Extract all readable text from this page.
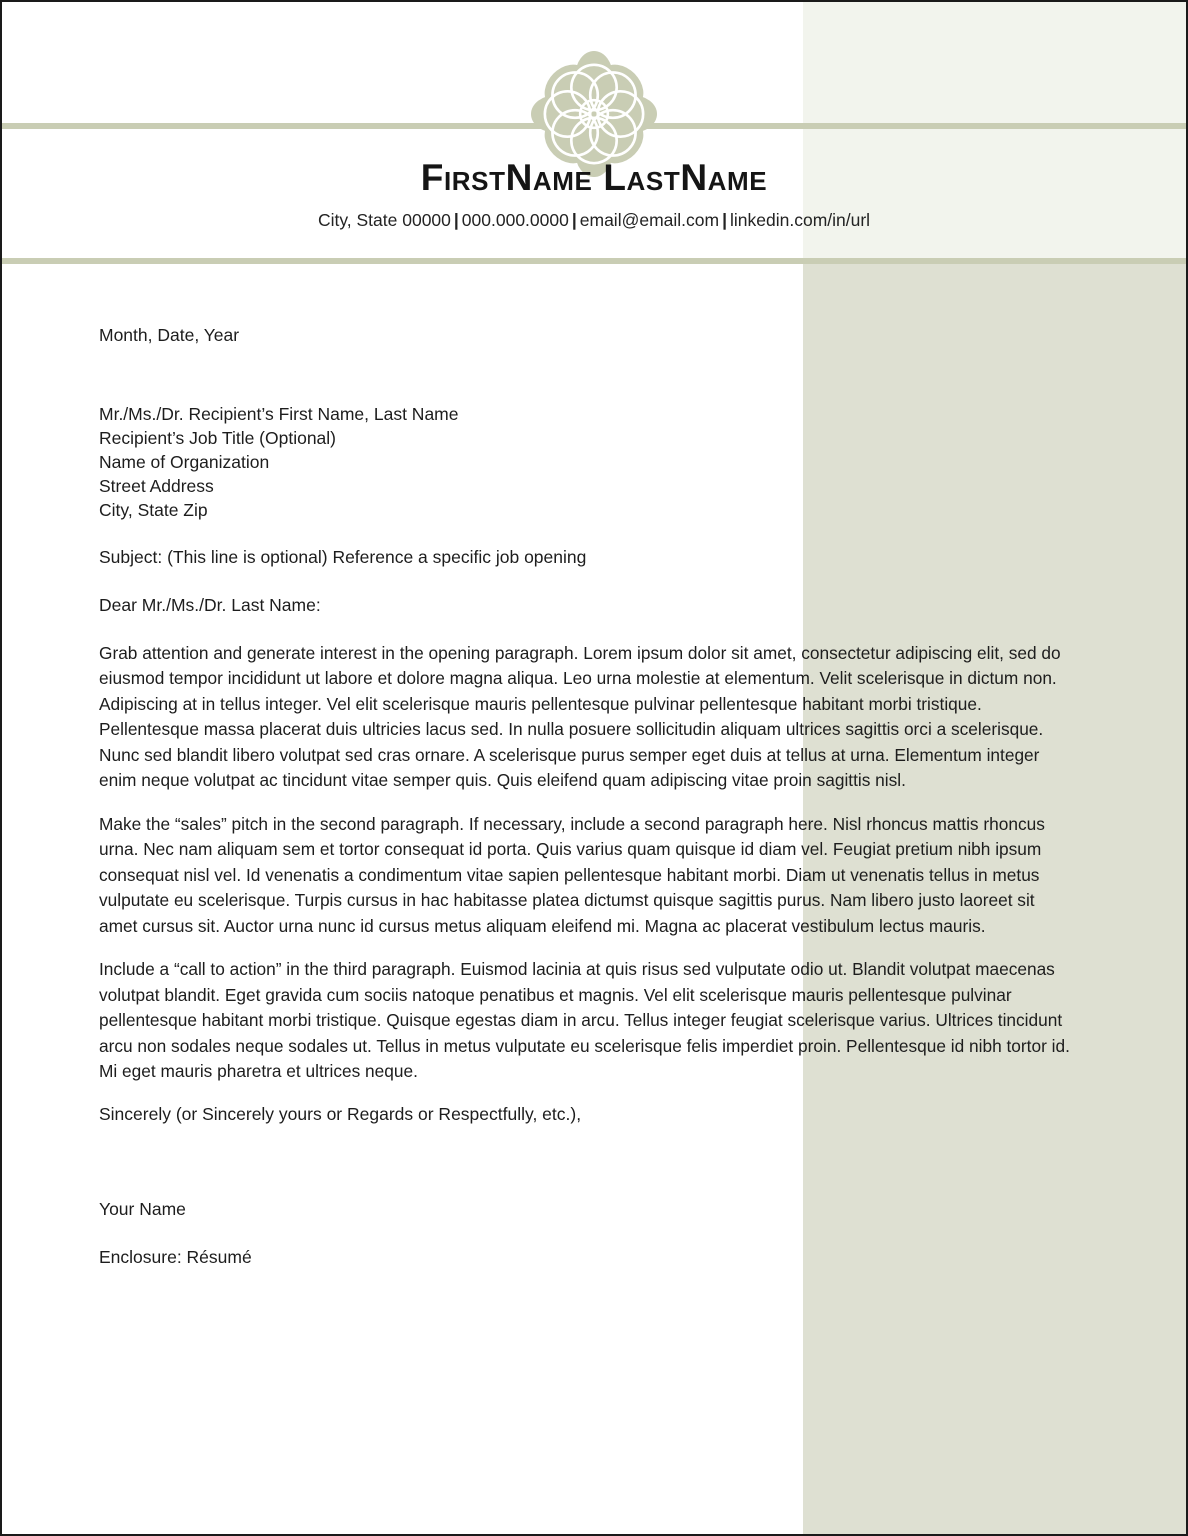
FirstName LastName
City, State 00000 | 000.000.0000 | email@email.com | linkedin.com/in/url
Month, Date, Year
Mr./Ms./Dr. Recipient’s First Name, Last Name
Recipient’s Job Title (Optional)
Name of Organization
Street Address
City, State Zip
Subject: (This line is optional) Reference a specific job opening
Dear Mr./Ms./Dr. Last Name:

Grab attention and generate interest in the opening paragraph. Lorem ipsum dolor sit amet, consectetur adipiscing elit, sed do eiusmod tempor incididunt ut labore et dolore magna aliqua. Leo urna molestie at elementum. Velit scelerisque in dictum non. Adipiscing at in tellus integer. Vel elit scelerisque mauris pellentesque pulvinar pellentesque habitant morbi tristique. Pellentesque massa placerat duis ultricies lacus sed. In nulla posuere sollicitudin aliquam ultrices sagittis orci a scelerisque. Nunc sed blandit libero volutpat sed cras ornare. A scelerisque purus semper eget duis at tellus at urna. Elementum integer enim neque volutpat ac tincidunt vitae semper quis. Quis eleifend quam adipiscing vitae proin sagittis nisl.

Make the “sales” pitch in the second paragraph. If necessary, include a second paragraph here. Nisl rhoncus mattis rhoncus urna. Nec nam aliquam sem et tortor consequat id porta. Quis varius quam quisque id diam vel. Feugiat pretium nibh ipsum consequat nisl vel. Id venenatis a condimentum vitae sapien pellentesque habitant morbi. Diam ut venenatis tellus in metus vulputate eu scelerisque. Turpis cursus in hac habitasse platea dictumst quisque sagittis purus. Nam libero justo laoreet sit amet cursus sit. Auctor urna nunc id cursus metus aliquam eleifend mi. Magna ac placerat vestibulum lectus mauris.

Include a “call to action” in the third paragraph. Euismod lacinia at quis risus sed vulputate odio ut. Blandit volutpat maecenas volutpat blandit. Eget gravida cum sociis natoque penatibus et magnis. Vel elit scelerisque mauris pellentesque pulvinar pellentesque habitant morbi tristique. Quisque egestas diam in arcu. Tellus integer feugiat scelerisque varius. Ultrices tincidunt arcu non sodales neque sodales ut. Tellus in metus vulputate eu scelerisque felis imperdiet proin. Pellentesque id nibh tortor id. Mi eget mauris pharetra et ultrices neque.

Sincerely (or Sincerely yours or Regards or Respectfully, etc.),
Your Name
Enclosure: Résumé
